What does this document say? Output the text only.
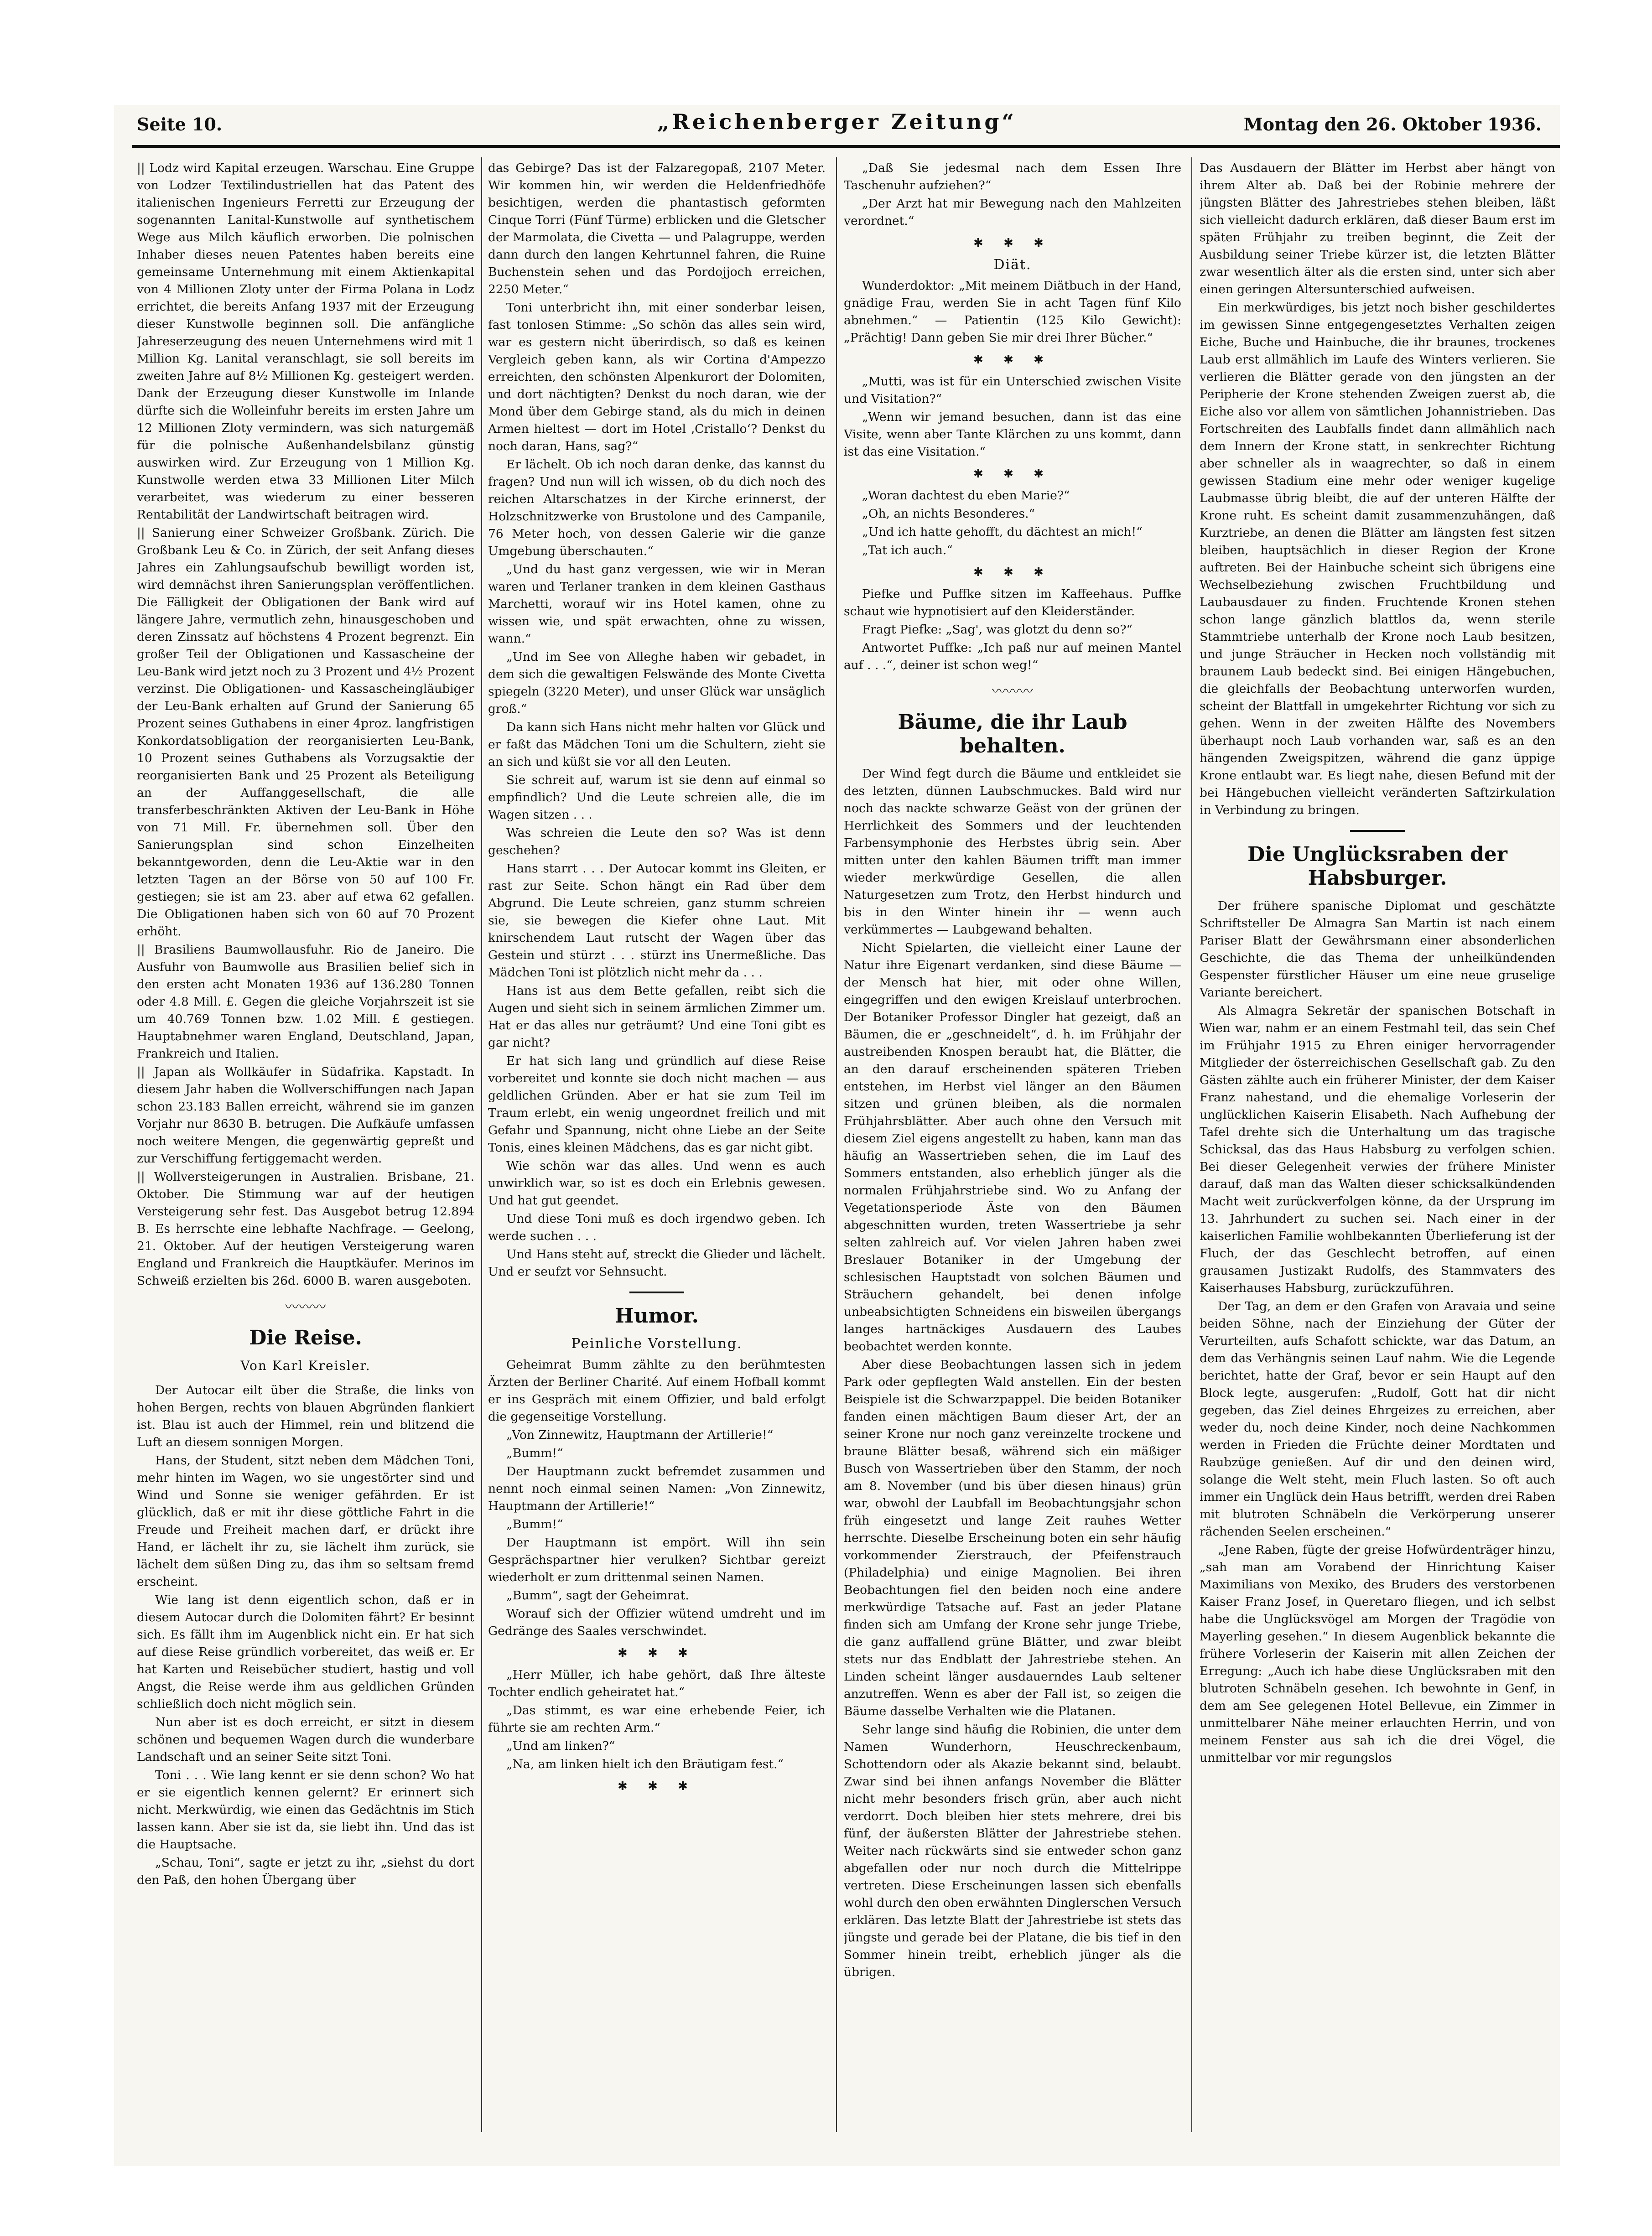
Seite 10.	„Reichenberger Zeitung“	Montag den 26. Oktober 1936.

|| Lodz wird Kapital erzeugen. Warschau. Eine Gruppe von Lodzer Textilindustriellen hat das Patent des italienischen Ingenieurs Ferretti zur Erzeugung der sogenannten Lanital-Kunstwolle auf synthetischem Wege aus Milch käuflich erworben. Die polnischen Inhaber dieses neuen Patentes haben bereits eine gemeinsame Unternehmung mit einem Aktienkapital von 4 Millionen Zloty unter der Firma Polana in Lodz errichtet, die bereits Anfang 1937 mit der Erzeugung dieser Kunstwolle beginnen soll. Die anfängliche Jahreserzeugung des neuen Unternehmens wird mit 1 Million Kg. Lanital veranschlagt, sie soll bereits im zweiten Jahre auf 8½ Millionen Kg. gesteigert werden. Dank der Erzeugung dieser Kunstwolle im Inlande dürfte sich die Wolleinfuhr bereits im ersten Jahre um 12 Millionen Zloty vermindern, was sich naturgemäß für die polnische Außenhandelsbilanz günstig auswirken wird. Zur Erzeugung von 1 Million Kg. Kunstwolle werden etwa 33 Millionen Liter Milch verarbeitet, was wiederum zu einer besseren Rentabilität der Landwirtschaft beitragen wird.

|| Sanierung einer Schweizer Großbank. Zürich. Die Großbank Leu & Co. in Zürich, der seit Anfang dieses Jahres ein Zahlungsaufschub bewilligt worden ist, wird demnächst ihren Sanierungsplan veröffentlichen. Die Fälligkeit der Obligationen der Bank wird auf längere Jahre, vermutlich zehn, hinausgeschoben und deren Zinssatz auf höchstens 4 Prozent begrenzt. Ein großer Teil der Obligationen und Kassascheine der Leu-Bank wird jetzt noch zu 3 Prozent und 4½ Prozent verzinst. Die Obligationen- und Kassascheingläubiger der Leu-Bank erhalten auf Grund der Sanierung 65 Prozent seines Guthabens in einer 4proz. langfristigen Konkordatsobligation der reorganisierten Leu-Bank, 10 Prozent seines Guthabens als Vorzugsaktie der reorganisierten Bank und 25 Prozent als Beteiligung an der Auffanggesellschaft, die alle transferbeschränkten Aktiven der Leu-Bank in Höhe von 71 Mill. Fr. übernehmen soll. Über den Sanierungsplan sind schon Einzelheiten bekanntgeworden, denn die Leu-Aktie war in den letzten Tagen an der Börse von 50 auf 100 Fr. gestiegen; sie ist am 23. aber auf etwa 62 gefallen. Die Obligationen haben sich von 60 auf 70 Prozent erhöht.

|| Brasiliens Baumwollausfuhr. Rio de Janeiro. Die Ausfuhr von Baumwolle aus Brasilien belief sich in den ersten acht Monaten 1936 auf 136.280 Tonnen oder 4.8 Mill. £. Gegen die gleiche Vorjahrszeit ist sie um 40.769 Tonnen bzw. 1.02 Mill. £ gestiegen. Hauptabnehmer waren England, Deutschland, Japan, Frankreich und Italien.

|| Japan als Wollkäufer in Südafrika. Kapstadt. In diesem Jahr haben die Wollverschiffungen nach Japan schon 23.183 Ballen erreicht, während sie im ganzen Vorjahr nur 8630 B. betrugen. Die Aufkäufe umfassen noch weitere Mengen, die gegenwärtig gepreßt und zur Verschiffung fertiggemacht werden.

|| Wollversteigerungen in Australien. Brisbane, 21. Oktober. Die Stimmung war auf der heutigen Versteigerung sehr fest. Das Ausgebot betrug 12.894 B. Es herrschte eine lebhafte Nachfrage. — Geelong, 21. Oktober. Auf der heutigen Versteigerung waren England und Frankreich die Hauptkäufer. Merinos im Schweiß erzielten bis 26d. 6000 B. waren ausgeboten.

〰〰〰
Die Reise.
Von Karl Kreisler.

Der Autocar eilt über die Straße, die links von hohen Bergen, rechts von blauen Abgründen flankiert ist. Blau ist auch der Himmel, rein und blitzend die Luft an diesem sonnigen Morgen.

Hans, der Student, sitzt neben dem Mädchen Toni, mehr hinten im Wagen, wo sie ungestörter sind und Wind und Sonne sie weniger gefährden. Er ist glücklich, daß er mit ihr diese göttliche Fahrt in die Freude und Freiheit machen darf, er drückt ihre Hand, er lächelt ihr zu, sie lächelt ihm zurück, sie lächelt dem süßen Ding zu, das ihm so seltsam fremd erscheint.

Wie lang ist denn eigentlich schon, daß er in diesem Autocar durch die Dolomiten fährt? Er besinnt sich. Es fällt ihm im Augenblick nicht ein. Er hat sich auf diese Reise gründlich vorbereitet, das weiß er. Er hat Karten und Reisebücher studiert, hastig und voll Angst, die Reise werde ihm aus geldlichen Gründen schließlich doch nicht möglich sein.

Nun aber ist es doch erreicht, er sitzt in diesem schönen und bequemen Wagen durch die wunderbare Landschaft und an seiner Seite sitzt Toni.

Toni . . . Wie lang kennt er sie denn schon? Wo hat er sie eigentlich kennen gelernt? Er erinnert sich nicht. Merkwürdig, wie einen das Gedächtnis im Stich lassen kann. Aber sie ist da, sie liebt ihn. Und das ist die Hauptsache.

„Schau, Toni“, sagte er jetzt zu ihr, „siehst du dort den Paß, den hohen Übergang über

das Gebirge? Das ist der Falzaregopaß, 2107 Meter. Wir kommen hin, wir werden die Heldenfriedhöfe besichtigen, werden die phantastisch geformten Cinque Torri (Fünf Türme) erblicken und die Gletscher der Marmolata, die Civetta — und Palagruppe, werden dann durch den langen Kehrtunnel fahren, die Ruine Buchenstein sehen und das Pordojjoch erreichen, 2250 Meter.“

Toni unterbricht ihn, mit einer sonderbar leisen, fast tonlosen Stimme: „So schön das alles sein wird, war es gestern nicht überirdisch, so daß es keinen Vergleich geben kann, als wir Cortina d'Ampezzo erreichten, den schönsten Alpenkurort der Dolomiten, und dort nächtigten? Denkst du noch daran, wie der Mond über dem Gebirge stand, als du mich in deinen Armen hieltest — dort im Hotel ‚Cristallo‘? Denkst du noch daran, Hans, sag?“

Er lächelt. Ob ich noch daran denke, das kannst du fragen? Und nun will ich wissen, ob du dich noch des reichen Altarschatzes in der Kirche erinnerst, der Holzschnitzwerke von Brustolone und des Campanile, 76 Meter hoch, von dessen Galerie wir die ganze Umgebung überschauten.“

„Und du hast ganz vergessen, wie wir in Meran waren und Terlaner tranken in dem kleinen Gasthaus Marchetti, worauf wir ins Hotel kamen, ohne zu wissen wie, und spät erwachten, ohne zu wissen, wann.“

„Und im See von Alleghe haben wir gebadet, in dem sich die gewaltigen Felswände des Monte Civetta spiegeln (3220 Meter), und unser Glück war unsäglich groß.“

Da kann sich Hans nicht mehr halten vor Glück und er faßt das Mädchen Toni um die Schultern, zieht sie an sich und küßt sie vor all den Leuten.

Sie schreit auf, warum ist sie denn auf einmal so empfindlich? Und die Leute schreien alle, die im Wagen sitzen . . .

Was schreien die Leute den so? Was ist denn geschehen?

Hans starrt . . . Der Autocar kommt ins Gleiten, er rast zur Seite. Schon hängt ein Rad über dem Abgrund. Die Leute schreien, ganz stumm schreien sie, sie bewegen die Kiefer ohne Laut. Mit knirschendem Laut rutscht der Wagen über das Gestein und stürzt . . . stürzt ins Unermeßliche. Das Mädchen Toni ist plötzlich nicht mehr da . . .

Hans ist aus dem Bette gefallen, reibt sich die Augen und sieht sich in seinem ärmlichen Zimmer um. Hat er das alles nur geträumt? Und eine Toni gibt es gar nicht?

Er hat sich lang und gründlich auf diese Reise vorbereitet und konnte sie doch nicht machen — aus geldlichen Gründen. Aber er hat sie zum Teil im Traum erlebt, ein wenig ungeordnet freilich und mit Gefahr und Spannung, nicht ohne Liebe an der Seite Tonis, eines kleinen Mädchens, das es gar nicht gibt.

Wie schön war das alles. Und wenn es auch unwirklich war, so ist es doch ein Erlebnis gewesen. Und hat gut geendet.

Und diese Toni muß es doch irgendwo geben. Ich werde suchen . . .

Und Hans steht auf, streckt die Glieder und lächelt. Und er seufzt vor Sehnsucht.

Humor.
Peinliche Vorstellung.

Geheimrat Bumm zählte zu den berühmtesten Ärzten der Berliner Charité. Auf einem Hofball kommt er ins Gespräch mit einem Offizier, und bald erfolgt die gegenseitige Vorstellung.

„Von Zinnewitz, Hauptmann der Artillerie!“

„Bumm!“

Der Hauptmann zuckt befremdet zusammen und nennt noch einmal seinen Namen: „Von Zinnewitz, Hauptmann der Artillerie!“

„Bumm!“

Der Hauptmann ist empört. Will ihn sein Gesprächspartner hier verulken? Sichtbar gereizt wiederholt er zum drittenmal seinen Namen.

„Bumm“, sagt der Geheimrat.

Worauf sich der Offizier wütend umdreht und im Gedränge des Saales verschwindet.

✱ ✱ ✱

„Herr Müller, ich habe gehört, daß Ihre älteste Tochter endlich geheiratet hat.“

„Das stimmt, es war eine erhebende Feier, ich führte sie am rechten Arm.“

„Und am linken?“

„Na, am linken hielt ich den Bräutigam fest.“

✱ ✱ ✱

„Daß Sie jedesmal nach dem Essen Ihre Taschenuhr aufziehen?“

„Der Arzt hat mir Bewegung nach den Mahlzeiten verordnet.“

✱ ✱ ✱
Diät.

Wunderdoktor: „Mit meinem Diätbuch in der Hand, gnädige Frau, werden Sie in acht Tagen fünf Kilo abnehmen.“ — Patientin (125 Kilo Gewicht): „Prächtig! Dann geben Sie mir drei Ihrer Bücher.“

✱ ✱ ✱

„Mutti, was ist für ein Unterschied zwischen Visite und Visitation?“

„Wenn wir jemand besuchen, dann ist das eine Visite, wenn aber Tante Klärchen zu uns kommt, dann ist das eine Visitation.“

✱ ✱ ✱

„Woran dachtest du eben Marie?“

„Oh, an nichts Besonderes.“

„Und ich hatte gehofft, du dächtest an mich!“

„Tat ich auch.“

✱ ✱ ✱

Piefke und Puffke sitzen im Kaffeehaus. Puffke schaut wie hypnotisiert auf den Kleiderständer.

Fragt Piefke: „Sag', was glotzt du denn so?“

Antwortet Puffke: „Ich paß nur auf meinen Mantel auf . . .“, deiner ist schon weg!“

〰〰〰
Bäume, die ihr Laub behalten.

Der Wind fegt durch die Bäume und entkleidet sie des letzten, dünnen Laubschmuckes. Bald wird nur noch das nackte schwarze Geäst von der grünen der Herrlichkeit des Sommers und der leuchtenden Farbensymphonie des Herbstes übrig sein. Aber mitten unter den kahlen Bäumen trifft man immer wieder merkwürdige Gesellen, die allen Naturgesetzen zum Trotz, den Herbst hindurch und bis in den Winter hinein ihr — wenn auch verkümmertes — Laubgewand behalten.

Nicht Spielarten, die vielleicht einer Laune der Natur ihre Eigenart verdanken, sind diese Bäume — der Mensch hat hier, mit oder ohne Willen, eingegriffen und den ewigen Kreislauf unterbrochen. Der Botaniker Professor Dingler hat gezeigt, daß an Bäumen, die er „geschneidelt“, d. h. im Frühjahr der austreibenden Knospen beraubt hat, die Blätter, die an den darauf erscheinenden späteren Trieben entstehen, im Herbst viel länger an den Bäumen sitzen und grünen bleiben, als die normalen Frühjahrsblätter. Aber auch ohne den Versuch mit diesem Ziel eigens angestellt zu haben, kann man das häufig an Wassertrieben sehen, die im Lauf des Sommers entstanden, also erheblich jünger als die normalen Frühjahrstriebe sind. Wo zu Anfang der Vegetationsperiode Äste von den Bäumen abgeschnitten wurden, treten Wassertriebe ja sehr selten zahlreich auf. Vor vielen Jahren haben zwei Breslauer Botaniker in der Umgebung der schlesischen Hauptstadt von solchen Bäumen und Sträuchern gehandelt, bei denen infolge unbeabsichtigten Schneidens ein bisweilen übergangs langes hartnäckiges Ausdauern des Laubes beobachtet werden konnte.

Aber diese Beobachtungen lassen sich in jedem Park oder gepflegten Wald anstellen. Ein der besten Beispiele ist die Schwarzpappel. Die beiden Botaniker fanden einen mächtigen Baum dieser Art, der an seiner Krone nur noch ganz vereinzelte trockene und braune Blätter besaß, während sich ein mäßiger Busch von Wassertrieben über den Stamm, der noch am 8. November (und bis über diesen hinaus) grün war, obwohl der Laubfall im Beobachtungsjahr schon früh eingesetzt und lange Zeit rauhes Wetter herrschte. Dieselbe Erscheinung boten ein sehr häufig vorkommender Zierstrauch, der Pfeifenstrauch (Philadelphia) und einige Magnolien. Bei ihren Beobachtungen fiel den beiden noch eine andere merkwürdige Tatsache auf. Fast an jeder Platane finden sich am Umfang der Krone sehr junge Triebe, die ganz auffallend grüne Blätter, und zwar bleibt stets nur das Endblatt der Jahrestriebe stehen. An Linden scheint länger ausdauerndes Laub seltener anzutreffen. Wenn es aber der Fall ist, so zeigen die Bäume dasselbe Verhalten wie die Platanen.

Sehr lange sind häufig die Robinien, die unter dem Namen Wunderhorn, Heuschreckenbaum, Schottendorn oder als Akazie bekannt sind, belaubt. Zwar sind bei ihnen anfangs November die Blätter nicht mehr besonders frisch grün, aber auch nicht verdorrt. Doch bleiben hier stets mehrere, drei bis fünf, der äußersten Blätter der Jahrestriebe stehen. Weiter nach rückwärts sind sie entweder schon ganz abgefallen oder nur noch durch die Mittelrippe vertreten. Diese Erscheinungen lassen sich ebenfalls wohl durch den oben erwähnten Dinglerschen Versuch erklären. Das letzte Blatt der Jahrestriebe ist stets das jüngste und gerade bei der Platane, die bis tief in den Sommer hinein treibt, erheblich jünger als die übrigen.

Das Ausdauern der Blätter im Herbst aber hängt von ihrem Alter ab. Daß bei der Robinie mehrere der jüngsten Blätter des Jahrestriebes stehen bleiben, läßt sich vielleicht dadurch erklären, daß dieser Baum erst im späten Frühjahr zu treiben beginnt, die Zeit der Ausbildung seiner Triebe kürzer ist, die letzten Blätter zwar wesentlich älter als die ersten sind, unter sich aber einen geringen Altersunterschied aufweisen.

Ein merkwürdiges, bis jetzt noch bisher geschildertes im gewissen Sinne entgegengesetztes Verhalten zeigen Eiche, Buche und Hainbuche, die ihr braunes, trockenes Laub erst allmählich im Laufe des Winters verlieren. Sie verlieren die Blätter gerade von den jüngsten an der Peripherie der Krone stehenden Zweigen zuerst ab, die Eiche also vor allem von sämtlichen Johannistrieben. Das Fortschreiten des Laubfalls findet dann allmählich nach dem Innern der Krone statt, in senkrechter Richtung aber schneller als in waagrechter, so daß in einem gewissen Stadium eine mehr oder weniger kugelige Laubmasse übrig bleibt, die auf der unteren Hälfte der Krone ruht. Es scheint damit zusammenzuhängen, daß Kurztriebe, an denen die Blätter am längsten fest sitzen bleiben, hauptsächlich in dieser Region der Krone auftreten. Bei der Hainbuche scheint sich übrigens eine Wechselbeziehung zwischen Fruchtbildung und Laubausdauer zu finden. Fruchtende Kronen stehen schon lange gänzlich blattlos da, wenn sterile Stammtriebe unterhalb der Krone noch Laub besitzen, und junge Sträucher in Hecken noch vollständig mit braunem Laub bedeckt sind. Bei einigen Hängebuchen, die gleichfalls der Beobachtung unterworfen wurden, scheint der Blattfall in umgekehrter Richtung vor sich zu gehen. Wenn in der zweiten Hälfte des Novembers überhaupt noch Laub vorhanden war, saß es an den hängenden Zweigspitzen, während die ganz üppige Krone entlaubt war. Es liegt nahe, diesen Befund mit der bei Hängebuchen vielleicht veränderten Saftzirkulation in Verbindung zu bringen.

Die Unglücksraben der Habsburger.

Der frühere spanische Diplomat und geschätzte Schriftsteller De Almagra San Martin ist nach einem Pariser Blatt der Gewährsmann einer absonderlichen Geschichte, die das Thema der unheilkündenden Gespenster fürstlicher Häuser um eine neue gruselige Variante bereichert.

Als Almagra Sekretär der spanischen Botschaft in Wien war, nahm er an einem Festmahl teil, das sein Chef im Frühjahr 1915 zu Ehren einiger hervorragender Mitglieder der österreichischen Gesellschaft gab. Zu den Gästen zählte auch ein früherer Minister, der dem Kaiser Franz nahestand, und die ehemalige Vorleserin der unglücklichen Kaiserin Elisabeth. Nach Aufhebung der Tafel drehte sich die Unterhaltung um das tragische Schicksal, das das Haus Habsburg zu verfolgen schien. Bei dieser Gelegenheit verwies der frühere Minister darauf, daß man das Walten dieser schicksalkündenden Macht weit zurückverfolgen könne, da der Ursprung im 13. Jahrhundert zu suchen sei. Nach einer in der kaiserlichen Familie wohlbekannten Überlieferung ist der Fluch, der das Geschlecht betroffen, auf einen grausamen Justizakt Rudolfs, des Stammvaters des Kaiserhauses Habsburg, zurückzuführen.

Der Tag, an dem er den Grafen von Aravaia und seine beiden Söhne, nach der Einziehung der Güter der Verurteilten, aufs Schafott schickte, war das Datum, an dem das Verhängnis seinen Lauf nahm. Wie die Legende berichtet, hatte der Graf, bevor er sein Haupt auf den Block legte, ausgerufen: „Rudolf, Gott hat dir nicht gegeben, das Ziel deines Ehrgeizes zu erreichen, aber weder du, noch deine Kinder, noch deine Nachkommen werden in Frieden die Früchte deiner Mordtaten und Raubzüge genießen. Auf dir und den deinen wird, solange die Welt steht, mein Fluch lasten. So oft auch immer ein Unglück dein Haus betrifft, werden drei Raben mit blutroten Schnäbeln die Verkörperung unserer rächenden Seelen erscheinen.“

„Jene Raben, fügte der greise Hofwürdenträger hinzu, „sah man am Vorabend der Hinrichtung Kaiser Maximilians von Mexiko, des Bruders des verstorbenen Kaiser Franz Josef, in Queretaro fliegen, und ich selbst habe die Unglücksvögel am Morgen der Tragödie von Mayerling gesehen.“ In diesem Augenblick bekannte die frühere Vorleserin der Kaiserin mit allen Zeichen der Erregung: „Auch ich habe diese Unglücksraben mit den blutroten Schnäbeln gesehen. Ich bewohnte in Genf, in dem am See gelegenen Hotel Bellevue, ein Zimmer in unmittelbarer Nähe meiner erlauchten Herrin, und von meinem Fenster aus sah ich die drei Vögel, die unmittelbar vor mir regungslos
